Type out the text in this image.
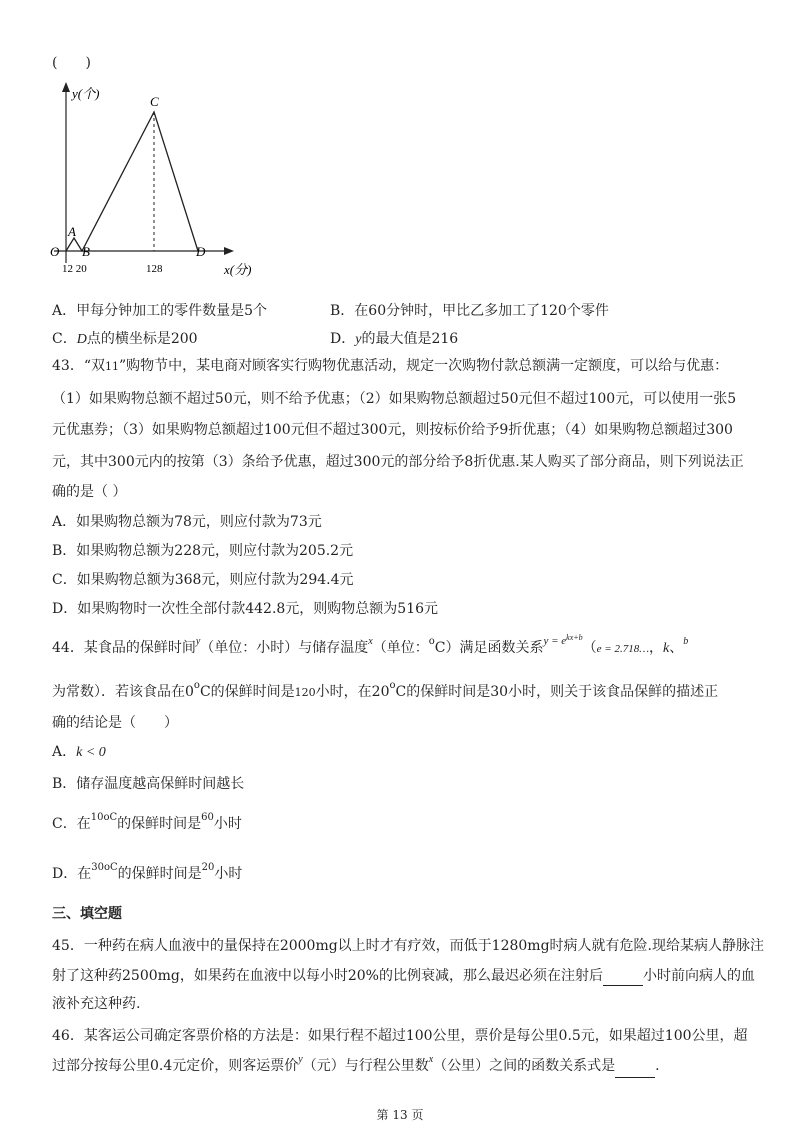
(　　)
y(个)
x(分)
O
A
B
C
D
12 20	128
A．甲每分钟加工的零件数量是5个	B．在60分钟时，甲比乙多加工了120个零件
C．D点的横坐标是200	D．y的最大值是216
43．“双11”购物节中，某电商对顾客实行购物优惠活动，规定一次购物付款总额满一定额度，可以给与优惠：
（1）如果购物总额不超过50元，则不给予优惠；（2）如果购物总额超过50元但不超过100元，可以使用一张5
元优惠券；（3）如果购物总额超过100元但不超过300元，则按标价给予9折优惠；（4）如果购物总额超过300
元，其中300元内的按第（3）条给予优惠，超过300元的部分给予8折优惠.某人购买了部分商品，则下列说法正
确的是（ ）
A．如果购物总额为78元，则应付款为73元
B．如果购物总额为228元，则应付款为205.2元
C．如果购物总额为368元，则应付款为294.4元
D．如果购物时一次性全部付款442.8元，则购物总额为516元
44．某食品的保鲜时间$^y$（单位：小时）与储存温度$^x$（单位：$^o$C）满足函数关系$^{y = ekx+b}$（e = 2.718…，k、$^b$
为常数）．若该食品在0$^o$C的保鲜时间是120小时，在20$^o$C的保鲜时间是30小时，则关于该食品保鲜的描述正
确的结论是（　　）
A．k < 0
B．储存温度越高保鲜时间越长
C．在$^{10oC}$的保鲜时间是$^{60}$小时
D．在$^{30oC}$的保鲜时间是$^{20}$小时
三、填空题
45．一种药在病人血液中的量保持在2000mg以上时才有疗效，而低于1280mg时病人就有危险.现给某病人静脉注
射了这种药2500mg，如果药在血液中以每小时20%的比例衰减，那么最迟必须在注射后	小时前向病人的血
液补充这种药.
46．某客运公司确定客票价格的方法是：如果行程不超过100公里，票价是每公里0.5元，如果超过100公里，超
过部分按每公里0.4元定价，则客运票价$^y$（元）与行程公里数$^x$（公里）之间的函数关系式是	.
第 13 页
